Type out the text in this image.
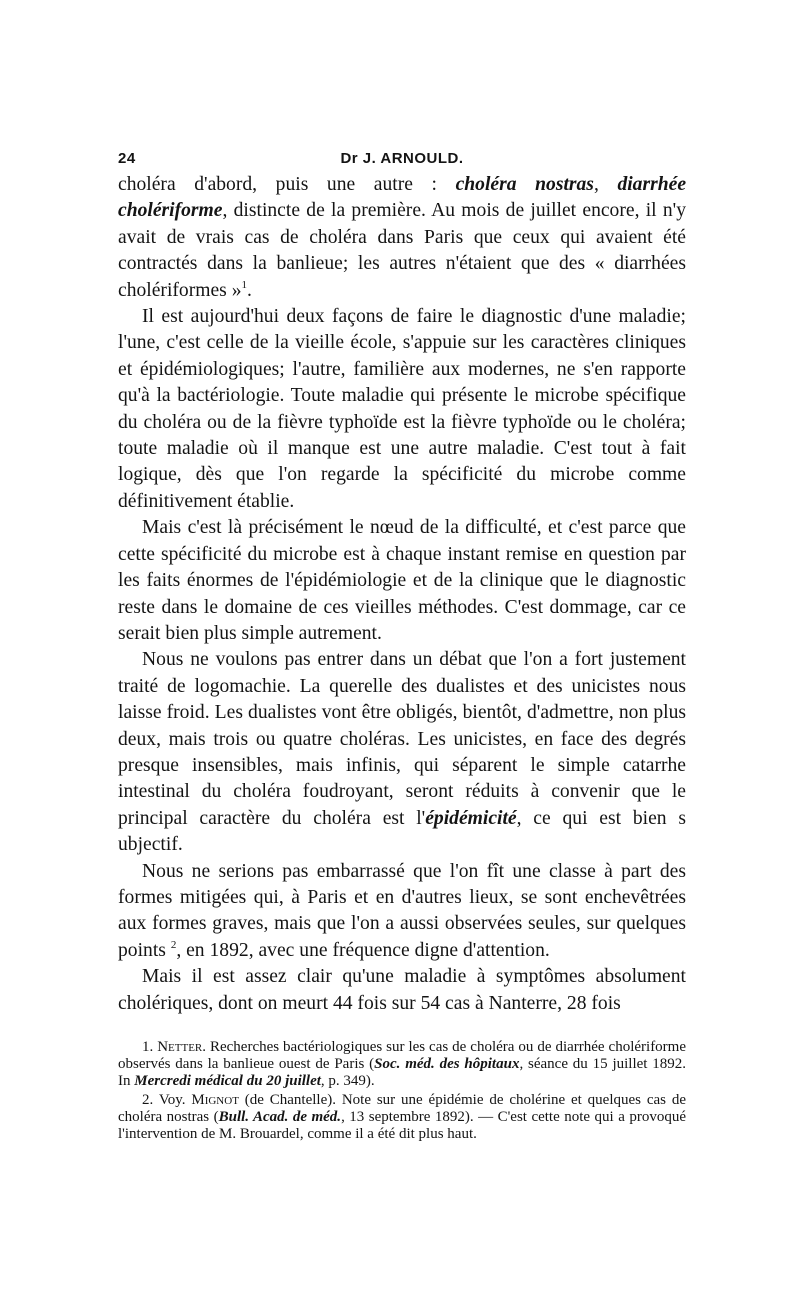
24	Dr J. ARNOULD.

choléra d'abord, puis une autre : choléra nostras, diarrhée cholériforme, distincte de la première. Au mois de juillet encore, il n'y avait de vrais cas de choléra dans Paris que ceux qui avaient été contractés dans la banlieue; les autres n'étaient que des « diarrhées cholériformes »$^1$.

Il est aujourd'hui deux façons de faire le diagnostic d'une maladie; l'une, c'est celle de la vieille école, s'appuie sur les caractères cliniques et épidémiologiques; l'autre, familière aux modernes, ne s'en rapporte qu'à la bactériologie. Toute maladie qui présente le microbe spécifique du choléra ou de la fièvre typhoïde est la fièvre typhoïde ou le choléra; toute maladie où il manque est une autre maladie. C'est tout à fait logique, dès que l'on regarde la spécificité du microbe comme définitivement établie.

Mais c'est là précisément le nœud de la difficulté, et c'est parce que cette spécificité du microbe est à chaque instant remise en question par les faits énormes de l'épidémiologie et de la clinique que le diagnostic reste dans le domaine de ces vieilles méthodes. C'est dommage, car ce serait bien plus simple autrement.

Nous ne voulons pas entrer dans un débat que l'on a fort justement traité de logomachie. La querelle des dualistes et des unicistes nous laisse froid. Les dualistes vont être obligés, bientôt, d'admettre, non plus deux, mais trois ou quatre choléras. Les unicistes, en face des degrés presque insensibles, mais infinis, qui séparent le simple catarrhe intestinal du choléra foudroyant, seront réduits à convenir que le principal caractère du choléra est l'épidémicité, ce qui est bien s ubjectif.

Nous ne serions pas embarrassé que l'on fît une classe à part des formes mitigées qui, à Paris et en d'autres lieux, se sont enchevêtrées aux formes graves, mais que l'on a aussi observées seules, sur quelques points $^2$, en 1892, avec une fréquence digne d'attention.

Mais il est assez clair qu'une maladie à symptômes absolument cholériques, dont on meurt 44 fois sur 54 cas à Nanterre, 28 fois

1. Netter. Recherches bactériologiques sur les cas de choléra ou de diarrhée cholériforme observés dans la banlieue ouest de Paris (Soc. méd. des hôpitaux, séance du 15 juillet 1892. In Mercredi médical du 20 juillet, p. 349).

2. Voy. Mignot (de Chantelle). Note sur une épidémie de cholérine et quelques cas de choléra nostras (Bull. Acad. de méd., 13 septembre 1892). — C'est cette note qui a provoqué l'intervention de M. Brouardel, comme il a été dit plus haut.
